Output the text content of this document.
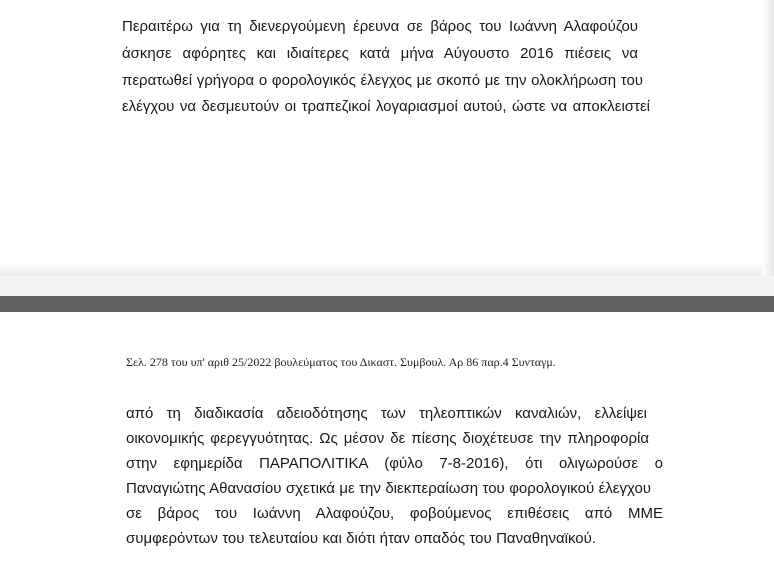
Περαιτέρω για τη διενεργούμενη έρευνα σε βάρος του Ιωάννη Αλαφούζου
άσκησε αφόρητες και ιδιαίτερες κατά μήνα Αύγουστο 2016 πιέσεις να
περατωθεί γρήγορα ο φορολογικός έλεγχος με σκοπό με την ολοκλήρωση του
ελέγχου να δεσμευτούν οι τραπεζικοί λογαριασμοί αυτού, ώστε να αποκλειστεί
Σελ. 278 του υπ' αριθ 25/2022 βουλεύματος του Δικαστ. Συμβουλ. Αρ 86 παρ.4 Συνταγμ.
από τη διαδικασία αδειοδότησης των τηλεοπτικών καναλιών, ελλείψει
οικονομικής φερεγγυότητας. Ως μέσον δε πίεσης διοχέτευσε την πληροφορία
στην εφημερίδα ΠΑΡΑΠΟΛΙΤΙΚΑ (φύλο 7-8-2016), ότι ολιγωρούσε ο
Παναγιώτης Αθανασίου σχετικά με την διεκπεραίωση του φορολογικού έλεγχου
σε βάρος του Ιωάννη Αλαφούζου, φοβούμενος επιθέσεις από ΜΜΕ
συμφερόντων του τελευταίου και διότι ήταν οπαδός του Παναθηναϊκού.
